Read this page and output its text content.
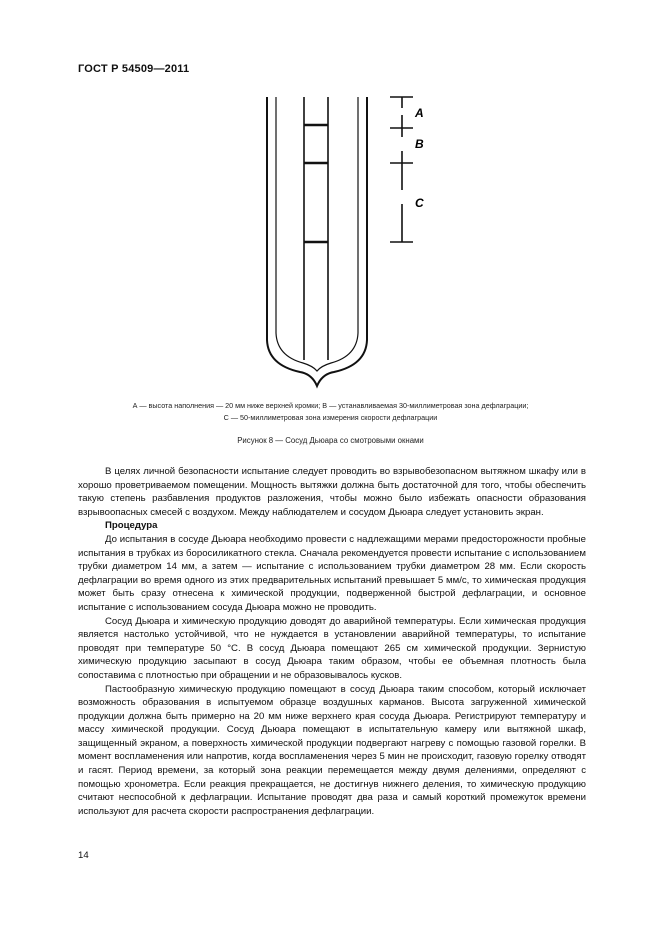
ГОСТ Р 54509—2011
А
В
С
А — высота наполнения — 20 мм ниже верхней кромки; В — устанавливаемая 30-миллиметровая зона дефлаграции;
С — 50-миллиметровая зона измерения скорости дефлаграции
Рисунок 8 — Сосуд Дьюара со смотровыми окнами

В целях личной безопасности испытание следует проводить во взрывобезопасном вытяжном шкафу или в хорошо проветриваемом помещении. Мощность вытяжки должна быть достаточной для того, чтобы обеспечить такую степень разбавления продуктов разложения, чтобы можно было избежать опасности образования взрывоопасных смесей с воздухом. Между наблюдателем и сосудом Дьюара следует установить экран.

Процедура

До испытания в сосуде Дьюара необходимо провести с надлежащими мерами предосторожности пробные испытания в трубках из боросиликатного стекла. Сначала рекомендуется провести испытание с использованием трубки диаметром 14 мм, а затем — испытание с использованием трубки диаметром 28 мм. Если скорость дефлаграции во время одного из этих предварительных испытаний превышает 5 мм/с, то химическая продукция может быть сразу отнесена к химической продукции, подверженной быстрой дефлаграции, и основное испытание с использованием сосуда Дьюара можно не проводить.

Сосуд Дьюара и химическую продукцию доводят до аварийной температуры. Если химическая продукция является настолько устойчивой, что не нуждается в установлении аварийной температуры, то испытание проводят при температуре 50 °С. В сосуд Дьюара помещают 265 см химической продукции. Зернистую химическую продукцию засыпают в сосуд Дьюара таким образом, чтобы ее объемная плотность была сопоставима с плотностью при обращении и не образовывалось кусков.

Пастообразную химическую продукцию помещают в сосуд Дьюара таким способом, который исключает возможность образования в испытуемом образце воздушных карманов. Высота загруженной химической продукции должна быть примерно на 20 мм ниже верхнего края сосуда Дьюара. Регистрируют температуру и массу химической продукции. Сосуд Дьюара помещают в испытательную камеру или вытяжной шкаф, защищенный экраном, а поверхность химической продукции подвергают нагреву с помощью газовой горелки. В момент воспламенения или напротив, когда воспламенения через 5 мин не происходит, газовую горелку отводят и гасят. Период времени, за который зона реакции перемещается между двумя делениями, определяют с помощью хронометра. Если реакция прекращается, не достигнув нижнего деления, то химическую продукцию считают неспособной к дефлаграции. Испытание проводят два раза и самый короткий промежуток времени используют для расчета скорости распространения дефлаграции.

14
